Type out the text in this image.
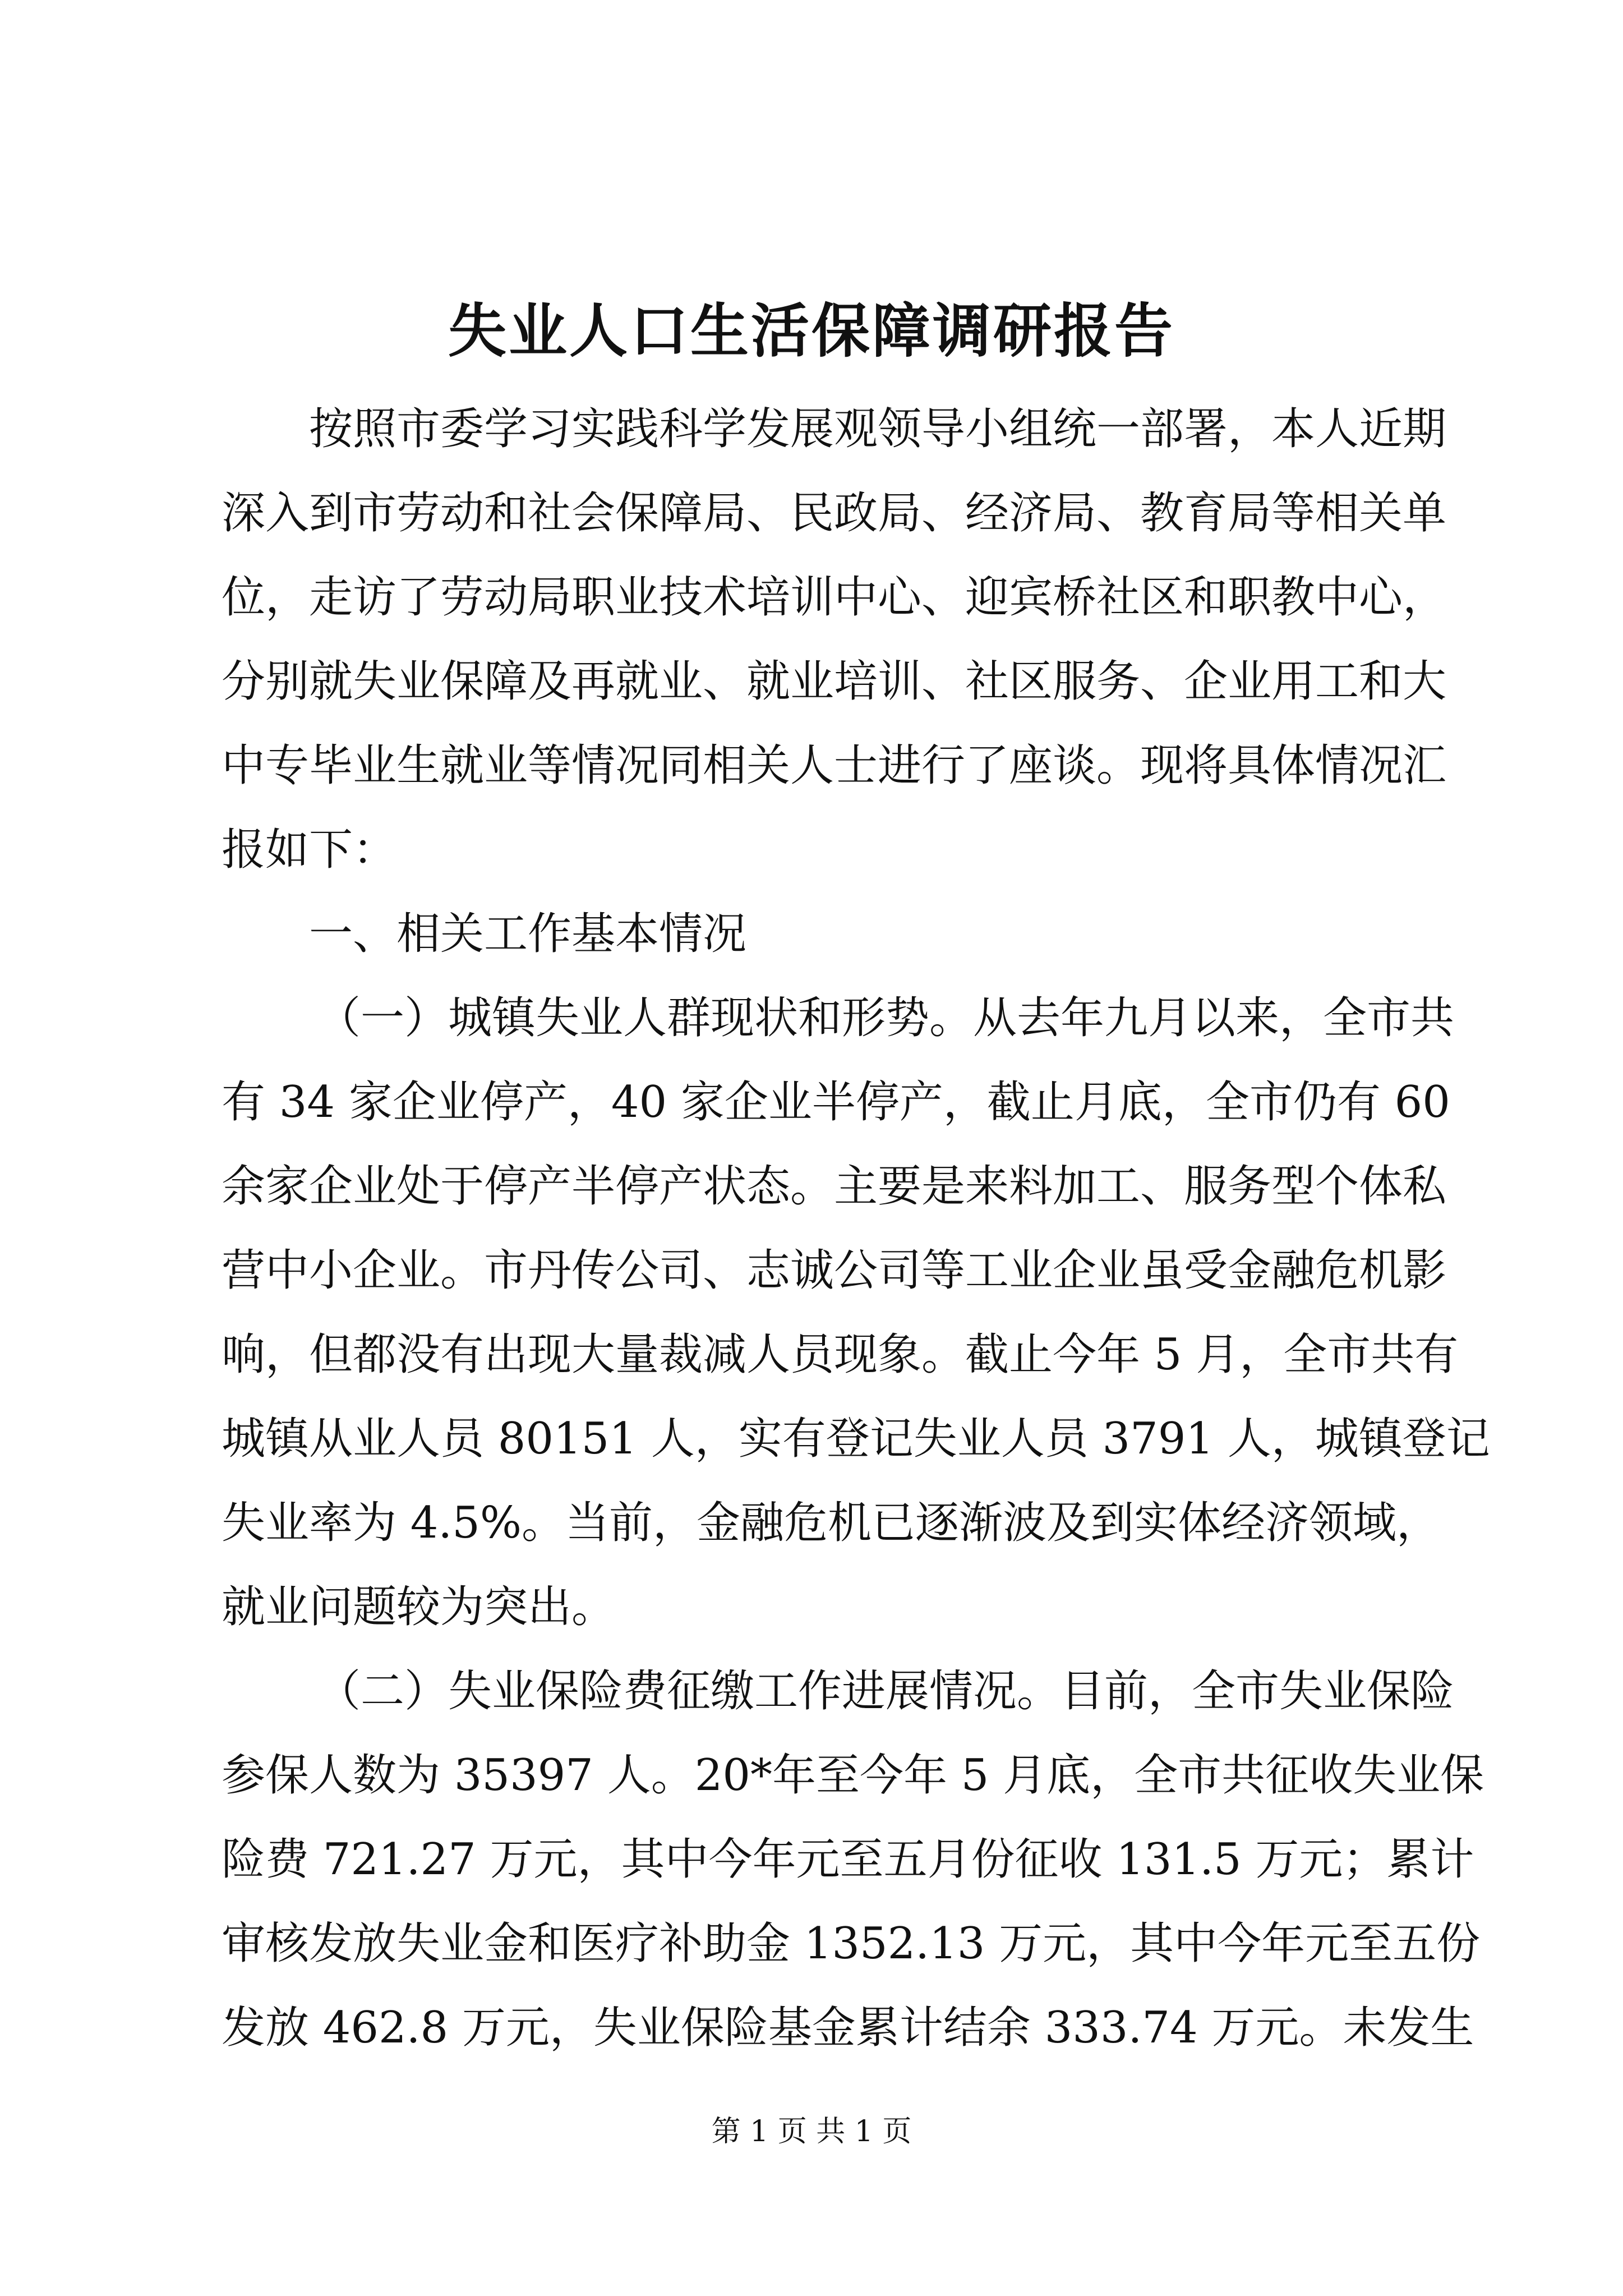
失业人口生活保障调研报告
按照市委学习实践科学发展观领导小组统一部署，本人近期
深入到市劳动和社会保障局、民政局、经济局、教育局等相关单
位，走访了劳动局职业技术培训中心、迎宾桥社区和职教中心，
分别就失业保障及再就业、就业培训、社区服务、企业用工和大
中专毕业生就业等情况同相关人士进行了座谈。现将具体情况汇
报如下：
一、相关工作基本情况
（一）城镇失业人群现状和形势。从去年九月以来，全市共
有 34 家企业停产，40 家企业半停产，截止月底，全市仍有 60
余家企业处于停产半停产状态。主要是来料加工、服务型个体私
营中小企业。市丹传公司、志诚公司等工业企业虽受金融危机影
响，但都没有出现大量裁减人员现象。截止今年 5 月，全市共有
城镇从业人员 80151 人，实有登记失业人员 3791 人，城镇登记
失业率为 4.5%。当前，金融危机已逐渐波及到实体经济领域，
就业问题较为突出。
（二）失业保险费征缴工作进展情况。目前，全市失业保险
参保人数为 35397 人。20*年至今年 5 月底，全市共征收失业保
险费 721.27 万元，其中今年元至五月份征收 131.5 万元；累计
审核发放失业金和医疗补助金 1352.13 万元，其中今年元至五份
发放 462.8 万元，失业保险基金累计结余 333.74 万元。未发生
第 1 页 共 1 页
